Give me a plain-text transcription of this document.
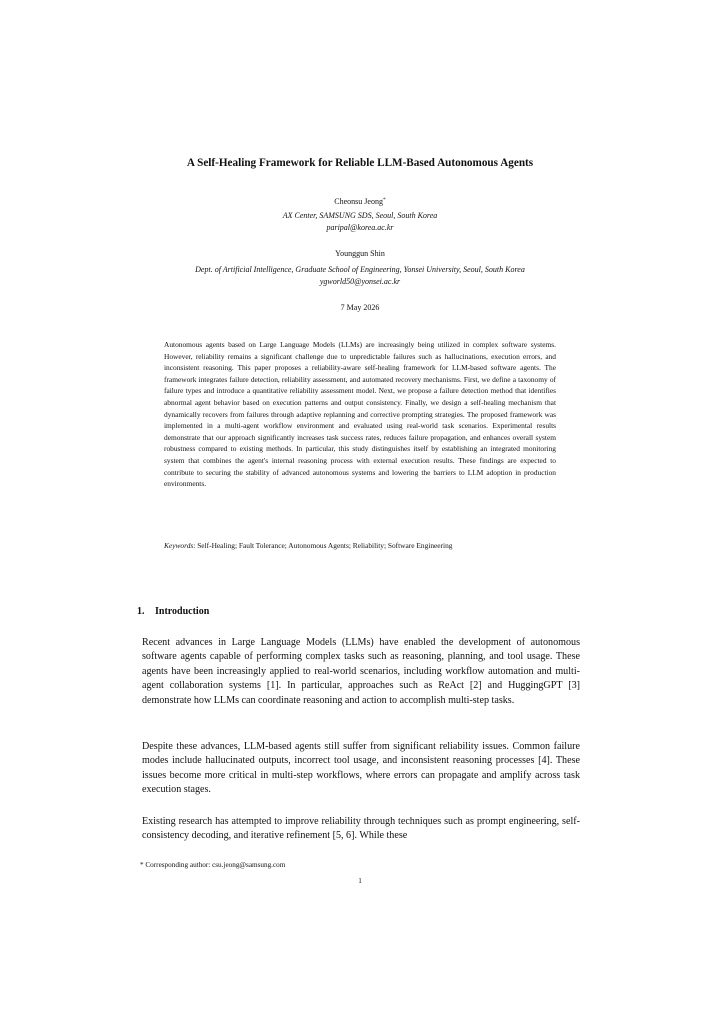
A Self-Healing Framework for Reliable LLM-Based Autonomous Agents
Cheonsu Jeong*
AX Center, SAMSUNG SDS, Seoul, South Korea
paripal@korea.ac.kr
Younggun Shin
Dept. of Artificial Intelligence, Graduate School of Engineering, Yonsei University, Seoul, South Korea
ygworld50@yonsei.ac.kr
7 May 2026
Autonomous agents based on Large Language Models (LLMs) are increasingly being utilized in complex software systems. However, reliability remains a significant challenge due to unpredictable failures such as hallucinations, execution errors, and inconsistent reasoning. This paper proposes a reliability-aware self-healing framework for LLM-based software agents. The framework integrates failure detection, reliability assessment, and automated recovery mechanisms. First, we define a taxonomy of failure types and introduce a quantitative reliability assessment model. Next, we propose a failure detection method that identifies abnormal agent behavior based on execution patterns and output consistency. Finally, we design a self-healing mechanism that dynamically recovers from failures through adaptive replanning and corrective prompting strategies. The proposed framework was implemented in a multi-agent workflow environment and evaluated using real-world task scenarios. Experimental results demonstrate that our approach significantly increases task success rates, reduces failure propagation, and enhances overall system robustness compared to existing methods. In particular, this study distinguishes itself by establishing an integrated monitoring system that combines the agent's internal reasoning process with external execution results. These findings are expected to contribute to securing the stability of advanced autonomous systems and lowering the barriers to LLM adoption in production environments.
Keywords: Self-Healing; Fault Tolerance; Autonomous Agents; Reliability; Software Engineering
1. Introduction
Recent advances in Large Language Models (LLMs) have enabled the development of autonomous software agents capable of performing complex tasks such as reasoning, planning, and tool usage. These agents have been increasingly applied to real-world scenarios, including workflow automation and multi-agent collaboration systems [1]. In particular, approaches such as ReAct [2] and HuggingGPT [3] demonstrate how LLMs can coordinate reasoning and action to accomplish multi-step tasks.
Despite these advances, LLM-based agents still suffer from significant reliability issues. Common failure modes include hallucinated outputs, incorrect tool usage, and inconsistent reasoning processes [4]. These issues become more critical in multi-step workflows, where errors can propagate and amplify across task execution stages.
Existing research has attempted to improve reliability through techniques such as prompt engineering, self-consistency decoding, and iterative refinement [5, 6]. While these
* Corresponding author: csu.jeong@samsung.com
1
